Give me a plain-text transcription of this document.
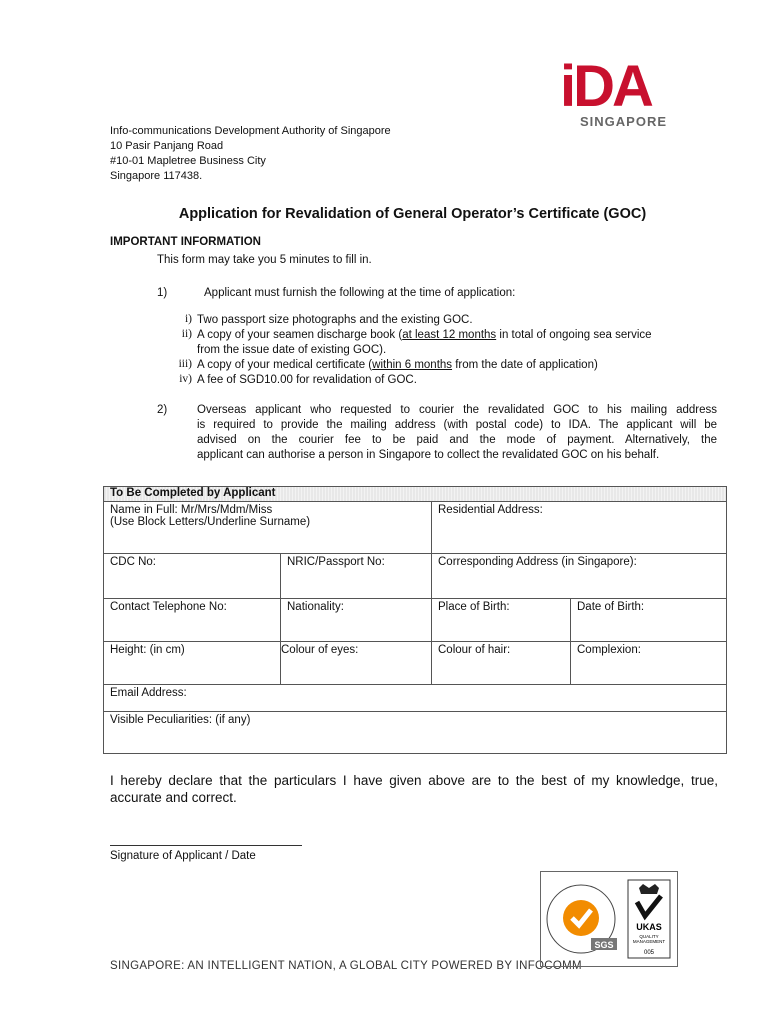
iDA
SINGAPORE
Info-communications Development Authority of Singapore
10 Pasir Panjang Road
#10-01 Mapletree Business City
Singapore 117438.
Application for Revalidation of General Operator’s Certificate (GOC)
IMPORTANT INFORMATION
This form may take you 5 minutes to fill in.
1)	Applicant must furnish the following at the time of application:
i) Two passport size photographs and the existing GOC.
ii) A copy of your seamen discharge book (at least 12 months in total of ongoing sea service
from the issue date of existing GOC).
iii) A copy of your medical certificate (within 6 months from the date of application)
iv) A fee of SGD10.00 for revalidation of GOC.
2)	Overseas applicant who requested to courier the revalidated GOC to his mailing address
is required to provide the mailing address (with postal code) to IDA. The applicant will be
advised on the courier fee to be paid and the mode of payment. Alternatively, the
applicant can authorise a person in Singapore to collect the revalidated GOC on his behalf.
To Be Completed by Applicant			

Name in Full: Mr/Mrs/Mdm/Miss
(Use Block Letters/Underline Surname)		Residential Address:	
CDC No:	NRIC/Passport No:	Corresponding Address (in Singapore):	
Contact Telephone No:	Nationality:	Place of Birth:	Date of Birth:
Height: (in cm)	Colour of eyes:	Colour of hair:	Complexion:
Email Address:			
Visible Peculiarities: (if any)			
I hereby declare that the particulars I have given above are to the best of my knowledge, true, accurate and correct.
Signature of Applicant / Date
SINGAPORE: AN INTELLIGENT NATION, A GLOBAL CITY POWERED BY INFOCOMM
SGS
UKAS
QUALITY
MANAGEMENT
005
